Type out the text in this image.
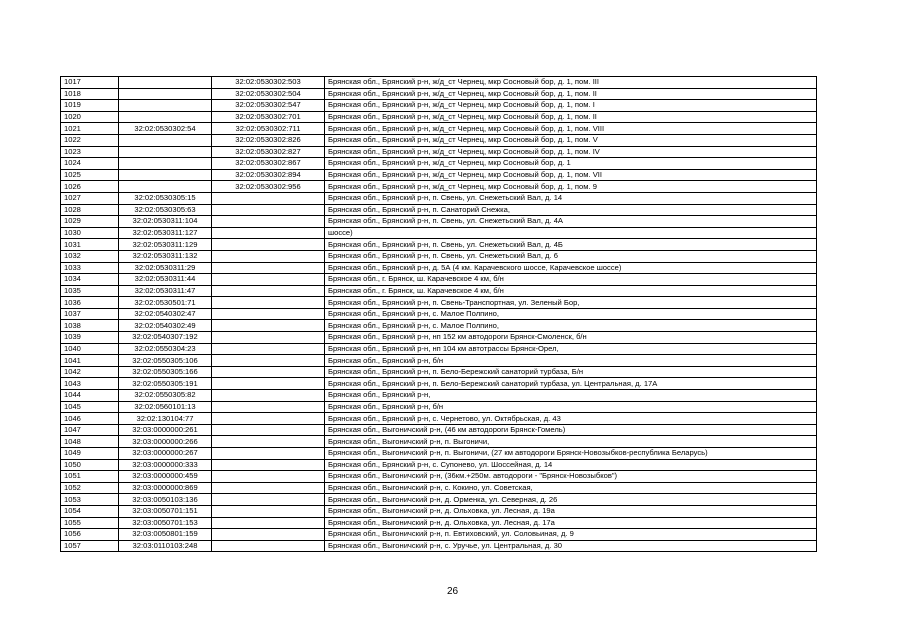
1017		32:02:0530302:503	Брянская обл., Брянский р-н, ж/д_ст Чернец, мкр Сосновый бор, д. 1, пом. III
1018		32:02:0530302:504	Брянская обл., Брянский р-н, ж/д_ст Чернец, мкр Сосновый бор, д. 1, пом. II
1019		32:02:0530302:547	Брянская обл., Брянский р-н, ж/д_ст Чернец, мкр Сосновый бор, д. 1, пом. I
1020		32:02:0530302:701	Брянская обл., Брянский р-н, ж/д_ст Чернец, мкр Сосновый бор, д. 1, пом. II
1021	32:02:0530302:54	32:02:0530302:711	Брянская обл., Брянский р-н, ж/д_ст Чернец, мкр Сосновый бор, д. 1, пом. VIII
1022		32:02:0530302:826	Брянская обл., Брянский р-н, ж/д_ст Чернец, мкр Сосновый бор, д. 1, пом. V
1023		32:02:0530302:827	Брянская обл., Брянский р-н, ж/д_ст Чернец, мкр Сосновый бор, д. 1, пом. IV
1024		32:02:0530302:867	Брянская обл., Брянский р-н, ж/д_ст Чернец, мкр Сосновый бор, д. 1
1025		32:02:0530302:894	Брянская обл., Брянский р-н, ж/д_ст Чернец, мкр Сосновый бор, д. 1, пом. VII
1026		32:02:0530302:956	Брянская обл., Брянский р-н, ж/д_ст Чернец, мкр Сосновый бор, д. 1, пом. 9
1027	32:02:0530305:15		Брянская обл., Брянский р-н, п. Свень, ул. Снежетьский Вал, д. 14
1028	32:02:0530305:63		Брянская обл., Брянский р-н, п. Санаторий Снежка,
1029	32:02:0530311:104		Брянская обл., Брянский р-н, п. Свень, ул. Снежетьский Вал, д. 4А
1030	32:02:0530311:127		шоссе)
1031	32:02:0530311:129		Брянская обл., Брянский р-н, п. Свень, ул. Снежетьский Вал, д. 4Б
1032	32:02:0530311:132		Брянская обл., Брянский р-н, п. Свень, ул. Снежетьский Вал, д. 6
1033	32:02:0530311:29		Брянская обл., Брянский р-н, д. 5А (4 км. Карачевского шоссе, Карачевское шоссе)
1034	32:02:0530311:44		Брянская обл., г. Брянск, ш. Карачевское 4 км, б/н
1035	32:02:0530311:47		Брянская обл., г. Брянск, ш. Карачевское 4 км, б/н
1036	32:02:0530501:71		Брянская обл., Брянский р-н, п. Свень-Транспортная, ул. Зеленый Бор,
1037	32:02:0540302:47		Брянская обл., Брянский р-н, с. Малое Полпино,
1038	32:02:0540302:49		Брянская обл., Брянский р-н, с. Малое Полпино,
1039	32:02:0540307:192		Брянская обл., Брянский р-н, нп 152 км автодороги Брянск-Смоленск, б/н
1040	32:02:0550304:23		Брянская обл., Брянский р-н, нп 104 км автотрассы Брянск-Орел,
1041	32:02:0550305:106		Брянская обл., Брянский р-н, б/н
1042	32:02:0550305:166		Брянская обл., Брянский р-н, п. Бело-Бережский санаторий турбаза, Б/н
1043	32:02:0550305:191		Брянская обл., Брянский р-н, п. Бело-Бережский санаторий турбаза, ул. Центральная, д. 17А
1044	32:02:0550305:82		Брянская обл., Брянский р-н,
1045	32:02:0560101:13		Брянская обл., Брянский р-н, б/н
1046	32:02:130104:77		Брянская обл., Брянский р-н, с. Чернетово, ул. Октябрьская, д. 43
1047	32:03:0000000:261		Брянская обл., Выгоничский р-н, (46 км автодороги Брянск-Гомель)
1048	32:03:0000000:266		Брянская обл., Выгоничский р-н, п. Выгоничи,
1049	32:03:0000000:267		Брянская обл., Выгоничский р-н, п. Выгоничи, (27 км автодороги Брянск-Новозыбков-республика Беларусь)
1050	32:03:0000000:333		Брянская обл., Брянский р-н, с. Супонево, ул. Шоссейная, д. 14
1051	32:03:0000000:459		Брянская обл., Выгоничский р-н, (36км.+250м. автодороги - "Брянск-Новозыбков")
1052	32:03:0000000:869		Брянская обл., Выгоничский р-н, с. Кокино, ул. Советская,
1053	32:03:0050103:136		Брянская обл., Выгоничский р-н, д. Орменка, ул. Северная, д. 26
1054	32:03:0050701:151		Брянская обл., Выгоничский р-н, д. Ольховка, ул. Лесная, д. 19а
1055	32:03:0050701:153		Брянская обл., Выгоничский р-н, д. Ольховка, ул. Лесная, д. 17а
1056	32:03:0050801:159		Брянская обл., Выгоничский р-н, п. Евтиховский, ул. Соловьиная, д. 9
1057	32:03:0110103:248		Брянская обл., Выгоничский р-н, с. Уручье, ул. Центральная, д. 30
26
